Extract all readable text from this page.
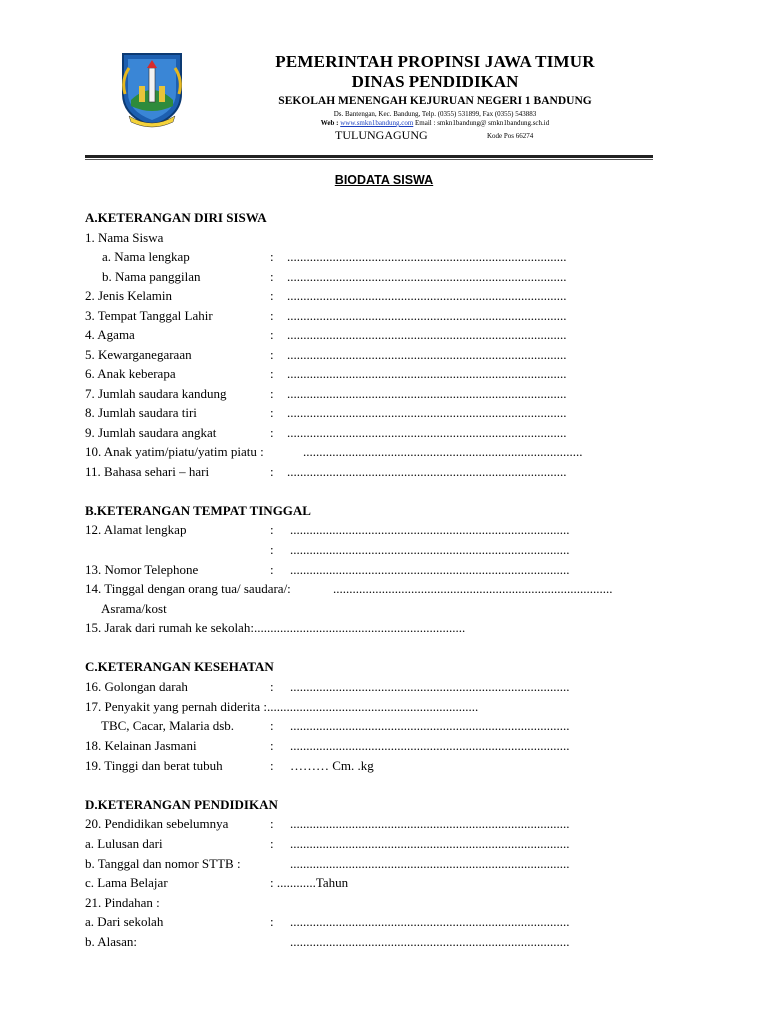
PEMERINTAH PROPINSI JAWA TIMUR
DINAS PENDIDIKAN
SEKOLAH MENENGAH KEJURUAN NEGERI 1 BANDUNG
Ds. Bantengan, Kec. Bandung, Telp. (0355) 531899, Fax (0355) 543883
Web : www.smkn1bandung.com Email : smkn1bandung@ smkn1bandung.sch.id
TULUNGAGUNG	Kode Pos 66274
BIODATA SISWA
A.KETERANGAN DIRI SISWA
1. Nama Siswa
a. Nama lengkap	: ......................................................................................
b. Nama panggilan	: ......................................................................................
2. Jenis Kelamin	: ......................................................................................
3. Tempat Tanggal Lahir	: ......................................................................................
4. Agama	: ......................................................................................
5. Kewarganegaraan	: ......................................................................................
6. Anak keberapa	: ......................................................................................
7. Jumlah saudara kandung	: ......................................................................................
8. Jumlah saudara tiri	: ......................................................................................
9. Jumlah saudara angkat	: ......................................................................................
10. Anak yatim/piatu/yatim piatu :	......................................................................................
11. Bahasa sehari – hari	: ......................................................................................
B.KETERANGAN TEMPAT TINGGAL
12. Alamat lengkap	: ......................................................................................
: ......................................................................................
13. Nomor Telephone	: ......................................................................................
14. Tinggal dengan orang tua/ saudara/:	......................................................................................
Asrama/kost
15. Jarak dari rumah ke sekolah:.................................................................
C.KETERANGAN KESEHATAN
16. Golongan darah	: ......................................................................................
17. Penyakit yang pernah diderita :.................................................................
TBC, Cacar, Malaria dsb.	: ......................................................................................
18. Kelainan Jasmani	: ......................................................................................
19. Tinggi dan berat tubuh	: ……… Cm. .kg
D.KETERANGAN PENDIDIKAN
20. Pendidikan sebelumnya	: ......................................................................................
a. Lulusan dari	: ......................................................................................
b. Tanggal dan nomor STTB :	......................................................................................
c. Lama Belajar	: ............Tahun
21. Pindahan :
a. Dari sekolah	: ......................................................................................
b. Alasan:	......................................................................................
